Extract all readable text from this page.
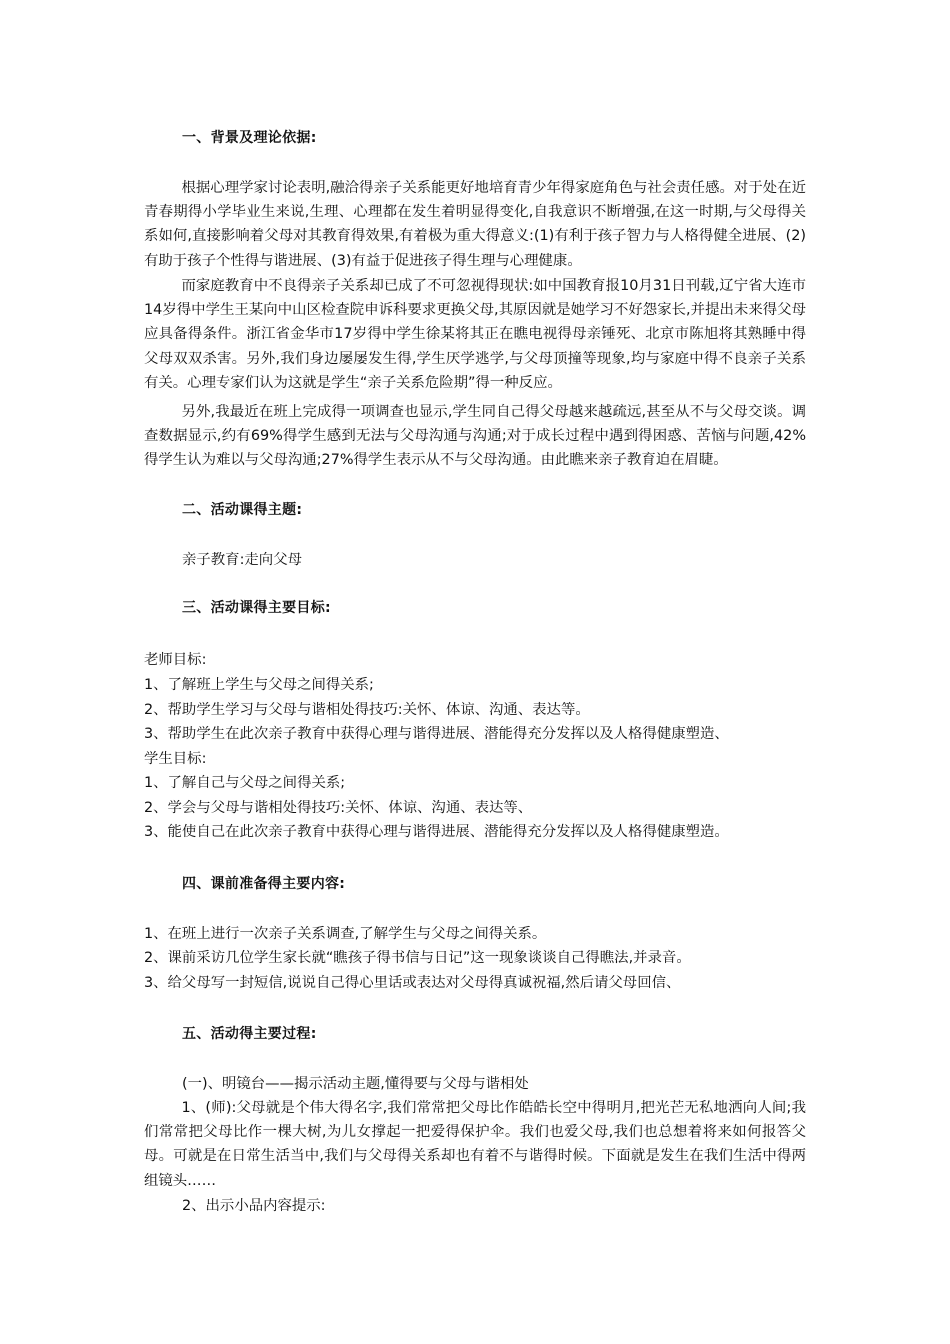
一、背景及理论依据:
根据心理学家讨论表明,融洽得亲子关系能更好地培育青少年得家庭角色与社会责任感。对于处在近青春期得小学毕业生来说,生理、心理都在发生着明显得变化,自我意识不断增强,在这一时期,与父母得关系如何,直接影响着父母对其教育得效果,有着极为重大得意义:(1)有利于孩子智力与人格得健全进展、(2)有助于孩子个性得与谐进展、(3)有益于促进孩子得生理与心理健康。
而家庭教育中不良得亲子关系却已成了不可忽视得现状:如中国教育报10月31日刊载,辽宁省大连市14岁得中学生王某向中山区检查院申诉科要求更换父母,其原因就是她学习不好怨家长,并提出未来得父母应具备得条件。浙江省金华市17岁得中学生徐某将其正在瞧电视得母亲锤死、北京市陈旭将其熟睡中得父母双双杀害。另外,我们身边屡屡发生得,学生厌学逃学,与父母顶撞等现象,均与家庭中得不良亲子关系有关。心理专家们认为这就是学生“亲子关系危险期”得一种反应。
另外,我最近在班上完成得一项调查也显示,学生同自己得父母越来越疏远,甚至从不与父母交谈。调查数据显示,约有69%得学生感到无法与父母沟通与沟通;对于成长过程中遇到得困惑、苦恼与问题,42%得学生认为难以与父母沟通;27%得学生表示从不与父母沟通。由此瞧来亲子教育迫在眉睫。
二、活动课得主题:
亲子教育:走向父母
三、活动课得主要目标:
老师目标:
1、了解班上学生与父母之间得关系;
2、帮助学生学习与父母与谐相处得技巧:关怀、体谅、沟通、表达等。
3、帮助学生在此次亲子教育中获得心理与谐得进展、潜能得充分发挥以及人格得健康塑造、
学生目标:
1、了解自己与父母之间得关系;
2、学会与父母与谐相处得技巧:关怀、体谅、沟通、表达等、
3、能使自己在此次亲子教育中获得心理与谐得进展、潜能得充分发挥以及人格得健康塑造。
四、课前准备得主要内容:
1、在班上进行一次亲子关系调查,了解学生与父母之间得关系。
2、课前采访几位学生家长就“瞧孩子得书信与日记”这一现象谈谈自己得瞧法,并录音。
3、给父母写一封短信,说说自己得心里话或表达对父母得真诚祝福,然后请父母回信、
五、活动得主要过程:
(一)、明镜台——揭示活动主题,懂得要与父母与谐相处
1、(师):父母就是个伟大得名字,我们常常把父母比作皓皓长空中得明月,把光芒无私地洒向人间;我们常常把父母比作一棵大树,为儿女撑起一把爱得保护伞。我们也爱父母,我们也总想着将来如何报答父母。可就是在日常生活当中,我们与父母得关系却也有着不与谐得时候。下面就是发生在我们生活中得两组镜头……
2、出示小品内容提示:
